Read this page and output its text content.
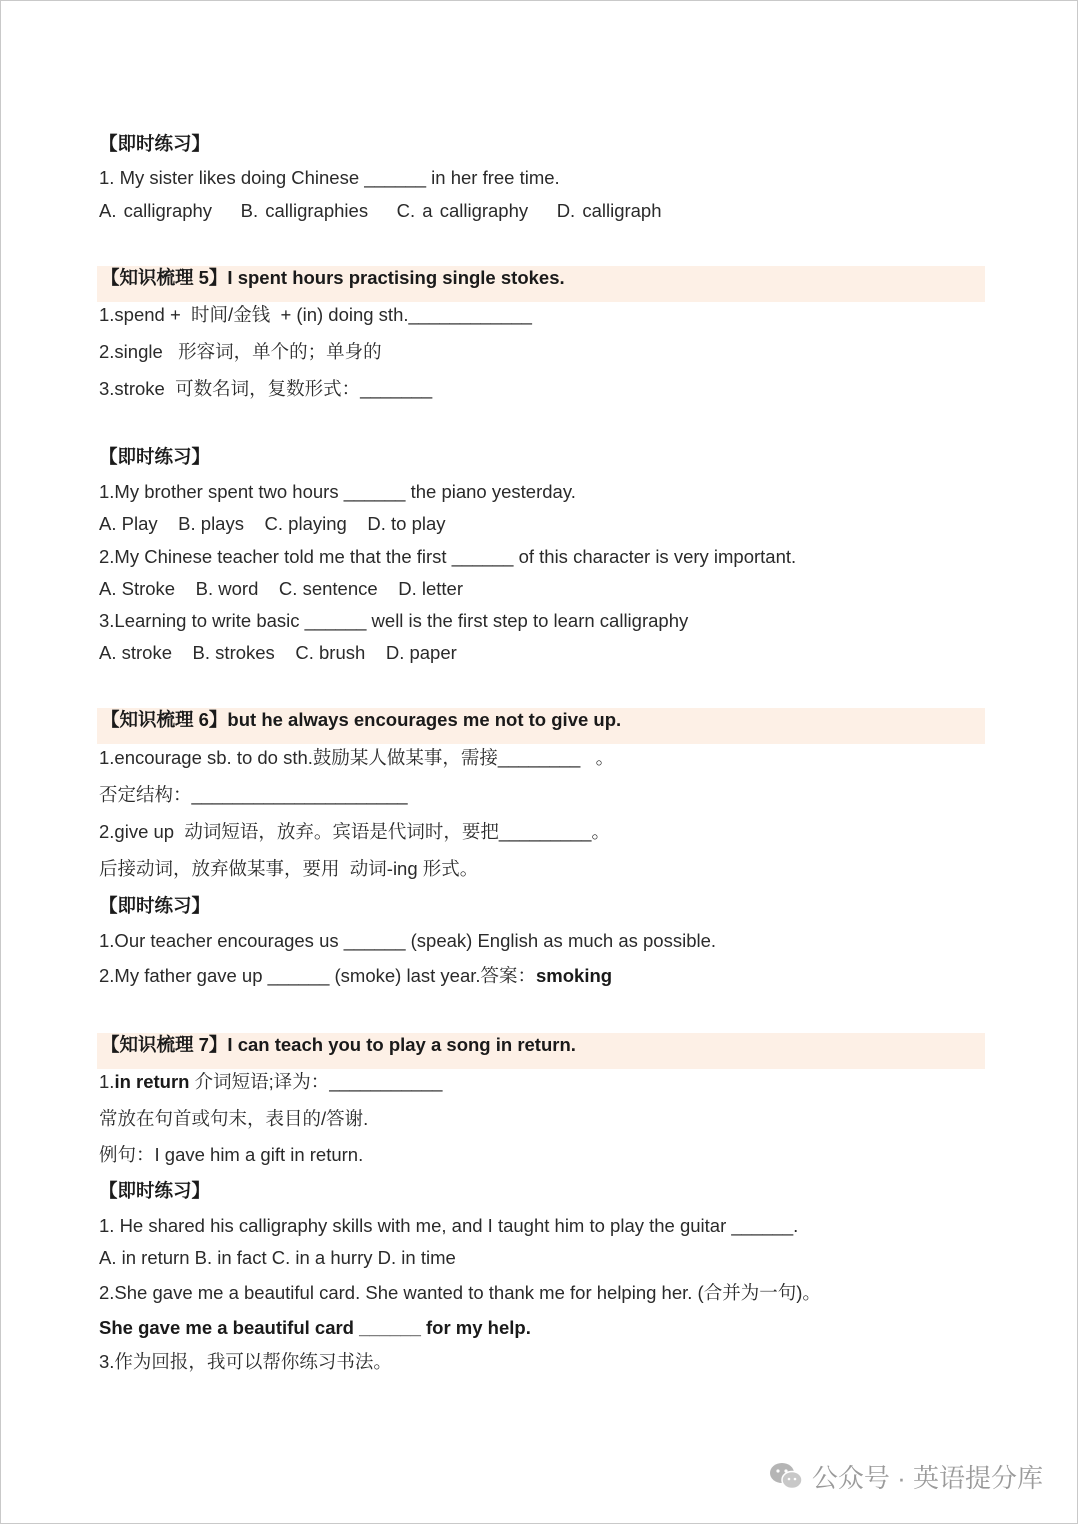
【即时练习】
1. My sister likes doing Chinese ______ in her free time.
A. calligraphy    B. calligraphies    C. a calligraphy    D. calligraph
【知识梳理 5】I spent hours practising single stokes.
1.spend +  时间/金钱  + (in) doing sth.____________
2.single   形容词，单个的；单身的
3.stroke  可数名词，复数形式：_______
【即时练习】
1.My brother spent two hours ______ the piano yesterday.
A. Play    B. plays    C. playing    D. to play
2.My Chinese teacher told me that the first ______ of this character is very important.
A. Stroke    B. word    C. sentence    D. letter
3.Learning to write basic ______ well is the first step to learn calligraphy
A. stroke    B. strokes    C. brush    D. paper
【知识梳理 6】but he always encourages me not to give up.
1.encourage sb. to do sth.鼓励某人做某事，需接________   。
否定结构：_____________________
2.give up  动词短语，放弃。宾语是代词时，要把_________。
后接动词，放弃做某事，要用  动词-ing 形式。
【即时练习】
1.Our teacher encourages us ______ (speak) English as much as possible.
2.My father gave up ______ (smoke) last year.答案：smoking
【知识梳理 7】I can teach you to play a song in return.
1.in return 介词短语;译为：___________
常放在句首或句末，表目的/答谢.
例句：I gave him a gift in return.
【即时练习】
1. He shared his calligraphy skills with me, and I taught him to play the guitar ______.
A. in return B. in fact C. in a hurry D. in time
2.She gave me a beautiful card. She wanted to thank me for helping her. (合并为一句)。
She gave me a beautiful card ______ for my help.
3.作为回报，我可以帮你练习书法。
公众号 · 英语提分库
